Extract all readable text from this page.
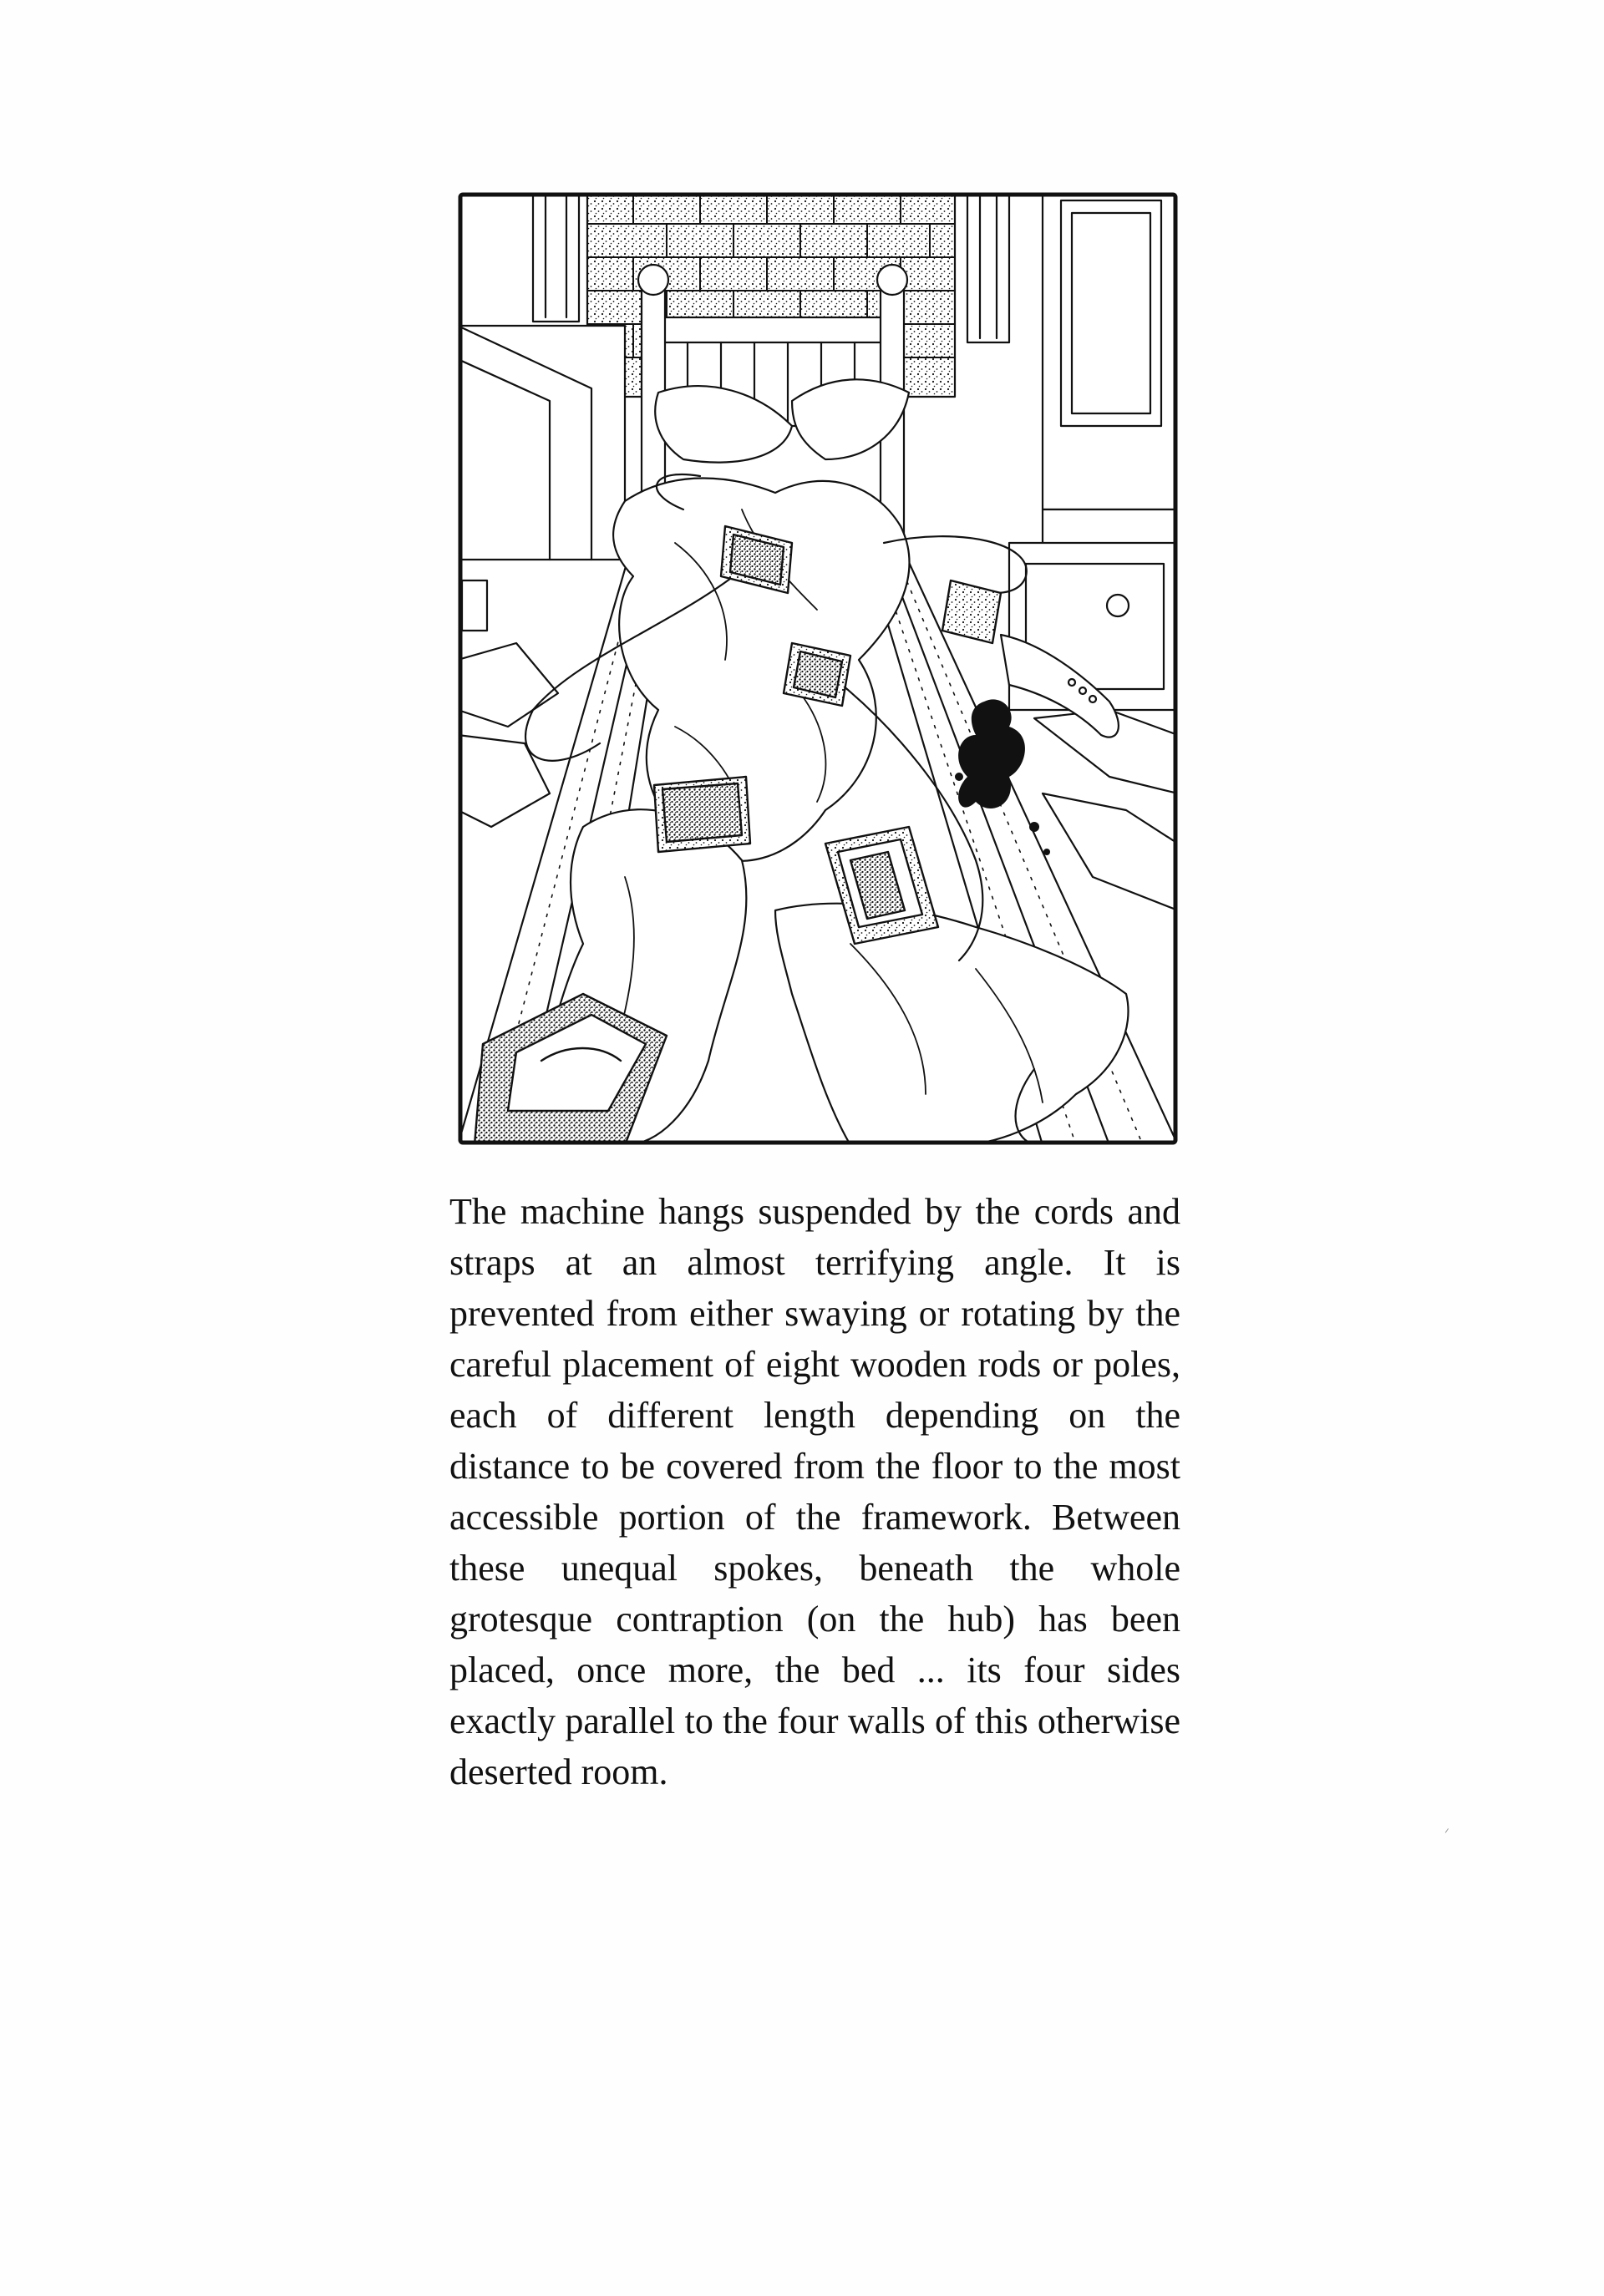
The machine hangs suspended by the cords and straps at an almost terrifying angle. It is prevented from either swaying or rotating by the careful placement of eight wooden rods or poles, each of different length depending on the distance to be covered from the floor to the most accessible portion of the framework. Between these unequal spokes, beneath the whole grotesque contraption (on the hub) has been placed, once more, the bed ... its four sides exactly parallel to the four walls of this otherwise deserted room.
